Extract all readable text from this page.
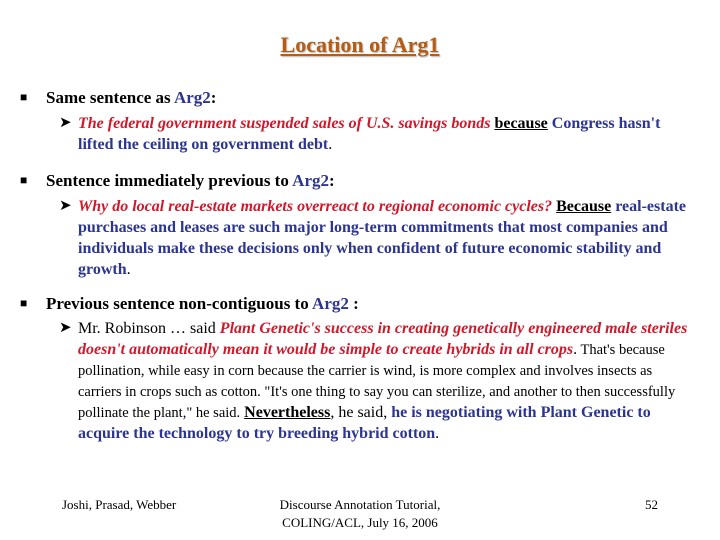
Location of Arg1
■ Same sentence as Arg2:
➤ The federal government suspended sales of U.S. savings bonds because Congress hasn't lifted the ceiling on government debt.
■ Sentence immediately previous to Arg2:
➤ Why do local real-estate markets overreact to regional economic cycles? Because real-estate purchases and leases are such major long-term commitments that most companies and individuals make these decisions only when confident of future economic stability and growth.
■ Previous sentence non-contiguous to Arg2 :
➤ Mr. Robinson … said Plant Genetic's success in creating genetically engineered male steriles doesn't automatically mean it would be simple to create hybrids in all crops. That's because pollination, while easy in corn because the carrier is wind, is more complex and involves insects as carriers in crops such as cotton. "It's one thing to say you can sterilize, and another to then successfully pollinate the plant," he said. Nevertheless, he said, he is negotiating with Plant Genetic to acquire the technology to try breeding hybrid cotton.
Joshi, Prasad, Webber	Discourse Annotation Tutorial,
COLING/ACL, July 16, 2006
52
